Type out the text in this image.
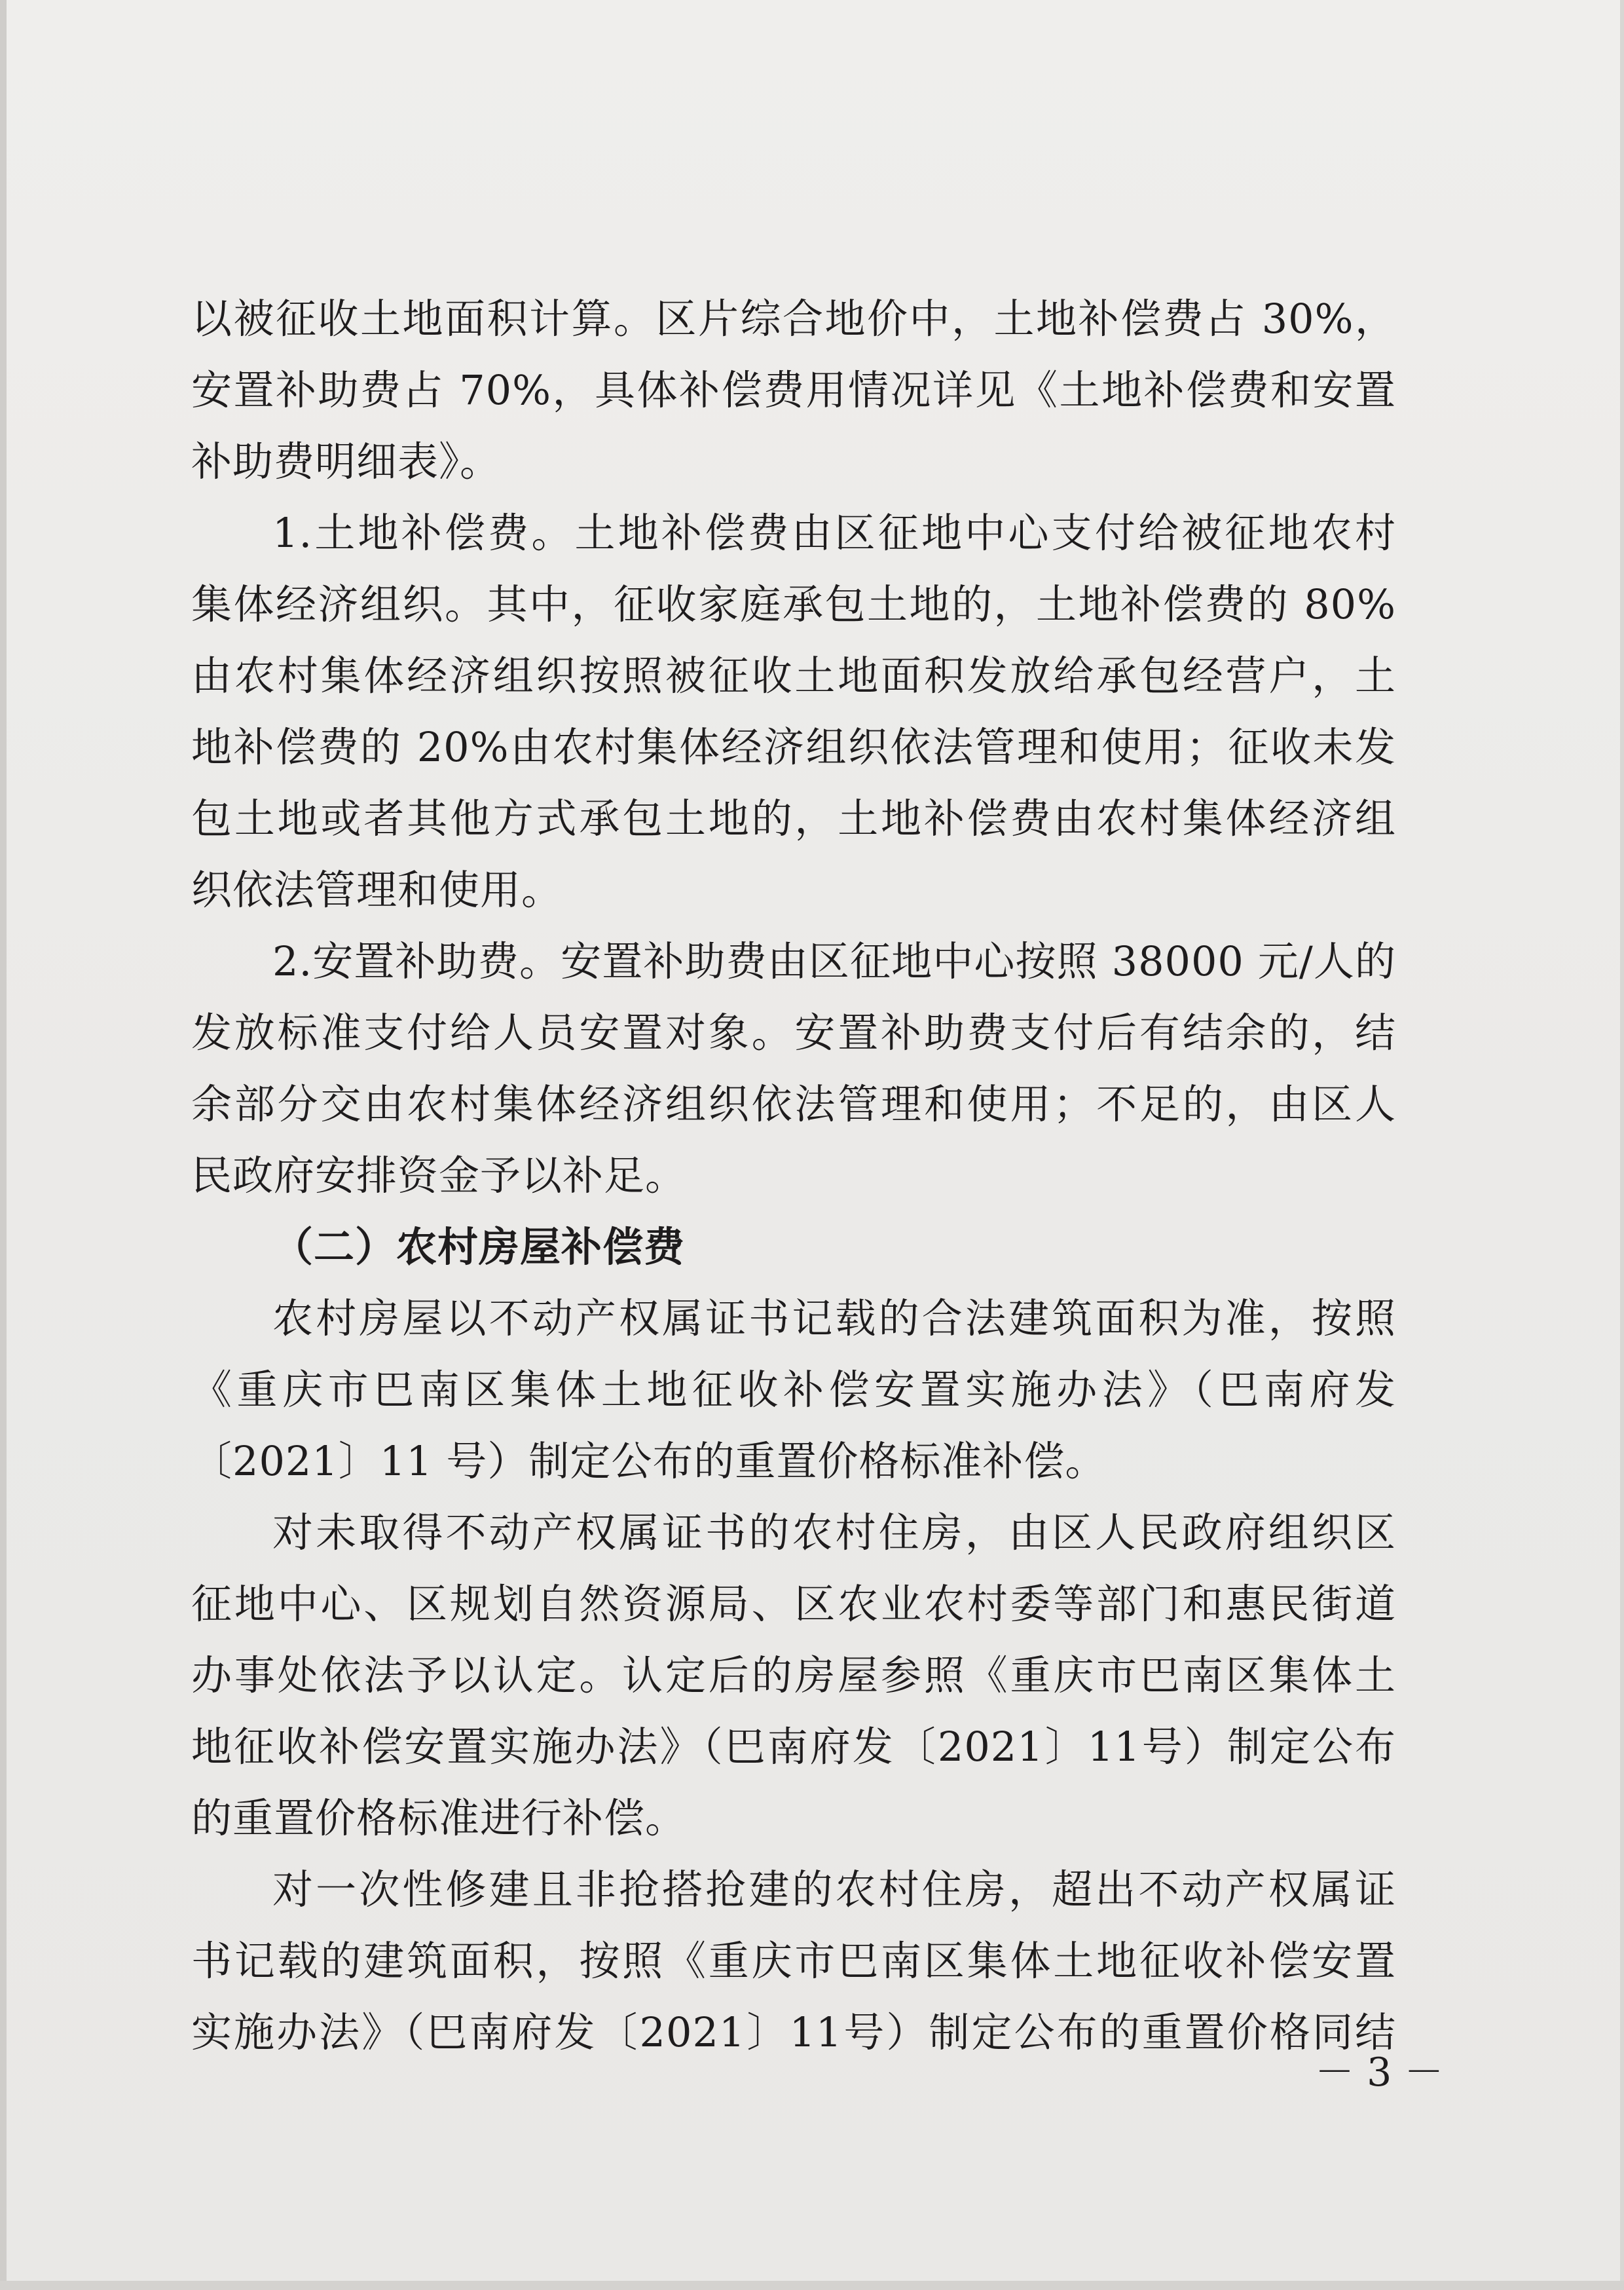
以被征收土地面积计算。区片综合地价中，土地补偿费占 30%，
安置补助费占 70%，具体补偿费用情况详见《土地补偿费和安置
补助费明细表》。
1.土地补偿费。土地补偿费由区征地中心支付给被征地农村
集体经济组织。其中，征收家庭承包土地的，土地补偿费的 80%
由农村集体经济组织按照被征收土地面积发放给承包经营户，土
地补偿费的 20%由农村集体经济组织依法管理和使用；征收未发
包土地或者其他方式承包土地的，土地补偿费由农村集体经济组
织依法管理和使用。
2.安置补助费。安置补助费由区征地中心按照 38000 元/人的
发放标准支付给人员安置对象。安置补助费支付后有结余的，结
余部分交由农村集体经济组织依法管理和使用；不足的，由区人
民政府安排资金予以补足。
（二）农村房屋补偿费
农村房屋以不动产权属证书记载的合法建筑面积为准，按照
《重庆市巴南区集体土地征收补偿安置实施办法》（巴南府发
〔2021〕11 号）制定公布的重置价格标准补偿。
对未取得不动产权属证书的农村住房，由区人民政府组织区
征地中心、区规划自然资源局、区农业农村委等部门和惠民街道
办事处依法予以认定。认定后的房屋参照《重庆市巴南区集体土
地征收补偿安置实施办法》（巴南府发〔2021〕11号）制定公布
的重置价格标准进行补偿。
对一次性修建且非抢搭抢建的农村住房，超出不动产权属证
书记载的建筑面积，按照《重庆市巴南区集体土地征收补偿安置
实施办法》（巴南府发〔2021〕11号）制定公布的重置价格同结
－ 3 －
